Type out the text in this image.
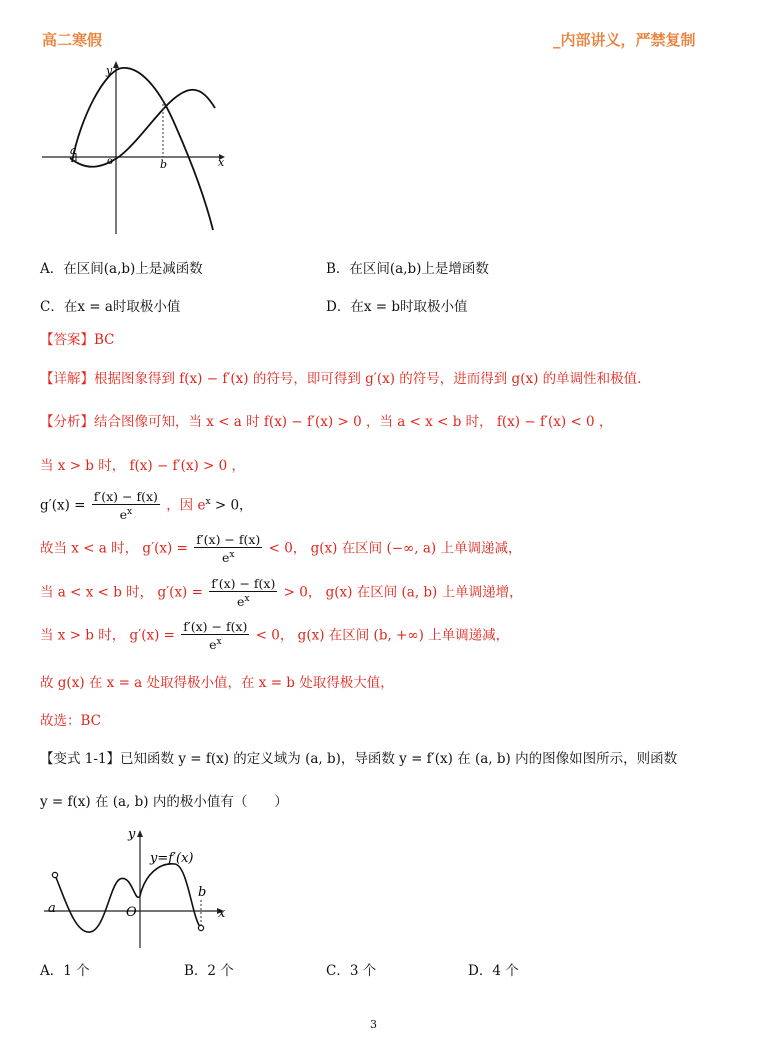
高二寒假	_内部讲义，严禁复制
y
x
a
o	b
A．在区间(a,b)上是减函数	B．在区间(a,b)上是增函数
C．在x = a时取极小值	D．在x = b时取极小值
【答案】BC
【详解】根据图象得到 f(x) − f′(x) 的符号，即可得到 g′(x) 的符号，进而得到 g(x) 的单调性和极值.
【分析】结合图像可知，当 x < a 时 f(x) − f′(x) > 0 ，当 a < x < b 时， f(x) − f′(x) < 0 ，
当 x > b 时， f(x) − f′(x) > 0 ，
$g'(x) = \frac{f'(x) - f(x)}{e^x}$ ，因 $e^x > 0$，
故当 x < a 时， $g'(x) = \frac{f'(x) - f(x)}{e^x} < 0$， g(x) 在区间 (−∞, a) 上单调递减，
当 a < x < b 时， $g'(x) = \frac{f'(x) - f(x)}{e^x} > 0$， g(x) 在区间 (a, b) 上单调递增，
当 x > b 时， $g'(x) = \frac{f'(x) - f(x)}{e^x} < 0$， g(x) 在区间 (b, +∞) 上单调递减，
故 g(x) 在 x = a 处取得极小值，在 x = b 处取得极大值，
故选：BC
【变式 1-1】已知函数 y = f(x) 的定义域为 (a, b)，导函数 y = f′(x) 在 (a, b) 内的图像如图所示，则函数
y = f(x) 在 (a, b) 内的极小值有（　　）
y
y=f′(x)
b
a	O	x
A．1 个	B．2 个	C．3 个	D．4 个
3
